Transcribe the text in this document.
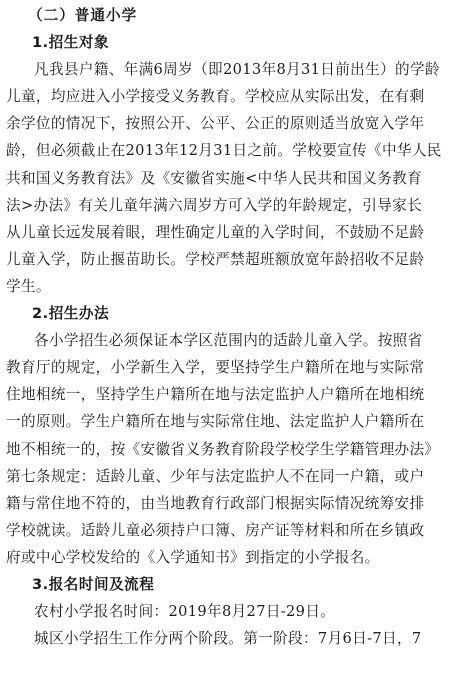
（二）普通小学
1.招生对象
凡我县户籍、年满6周岁（即2013年8月31日前出生）的学龄
儿童，均应进入小学接受义务教育。学校应从实际出发，在有剩
余学位的情况下，按照公开、公平、公正的原则适当放宽入学年
龄，但必须截止在2013年12月31日之前。学校要宣传《中华人民
共和国义务教育法》及《安徽省实施<中华人民共和国义务教育
法>办法》有关儿童年满六周岁方可入学的年龄规定，引导家长
从儿童长远发展着眼，理性确定儿童的入学时间，不鼓励不足龄
儿童入学，防止揠苗助长。学校严禁超班额放宽年龄招收不足龄
学生。
2.招生办法
各小学招生必须保证本学区范围内的适龄儿童入学。按照省
教育厅的规定，小学新生入学，要坚持学生户籍所在地与实际常
住地相统一，坚持学生户籍所在地与法定监护人户籍所在地相统
一的原则。学生户籍所在地与实际常住地、法定监护人户籍所在
地不相统一的，按《安徽省义务教育阶段学校学生学籍管理办法》
第七条规定：适龄儿童、少年与法定监护人不在同一户籍，或户
籍与常住地不符的，由当地教育行政部门根据实际情况统筹安排
学校就读。适龄儿童必须持户口簿、房产证等材料和所在乡镇政
府或中心学校发给的《入学通知书》到指定的小学报名。
3.报名时间及流程
农村小学报名时间：2019年8月27日-29日。
城区小学招生工作分两个阶段。第一阶段：7月6日-7日，7
